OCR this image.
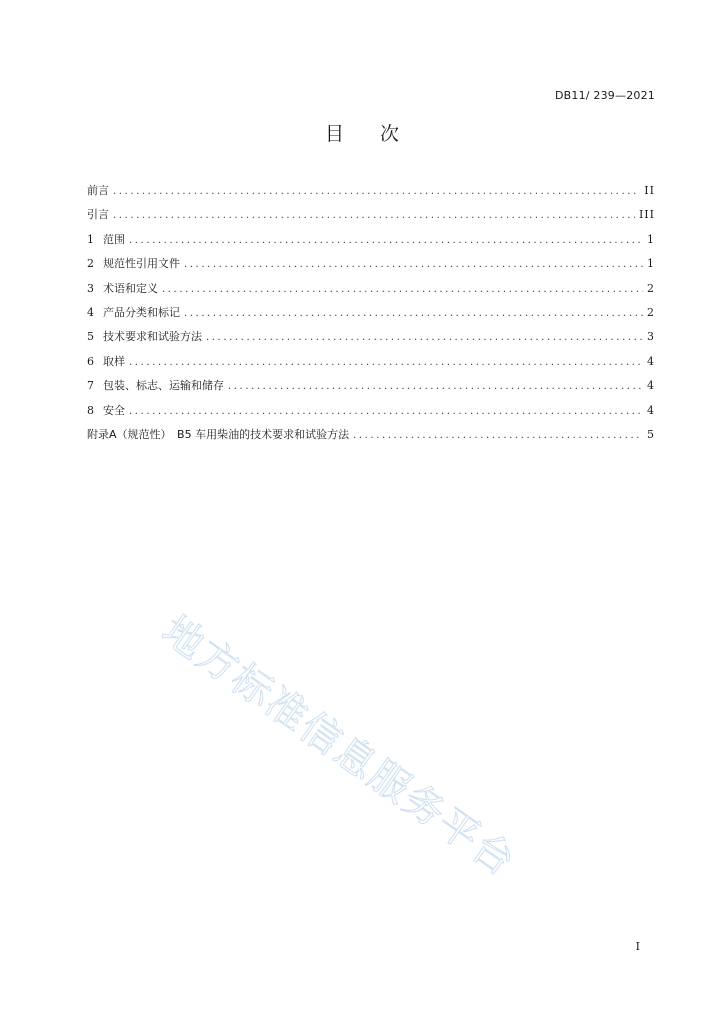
DB11/ 239—2021
目次
前言 .....	II
引言 .....	III
1 范围 .....	1
2 规范性引用文件 .....	1
3 术语和定义 .....	2
4 产品分类和标记 .....	2
5 技术要求和试验方法 .....	3
6 取样 .....	4
7 包装、标志、运输和储存 .....	4
8 安全 .....	4
附录A（规范性）　B5 车用柴油的技术要求和试验方法 .....	5
地方标准信息服务平台
I
